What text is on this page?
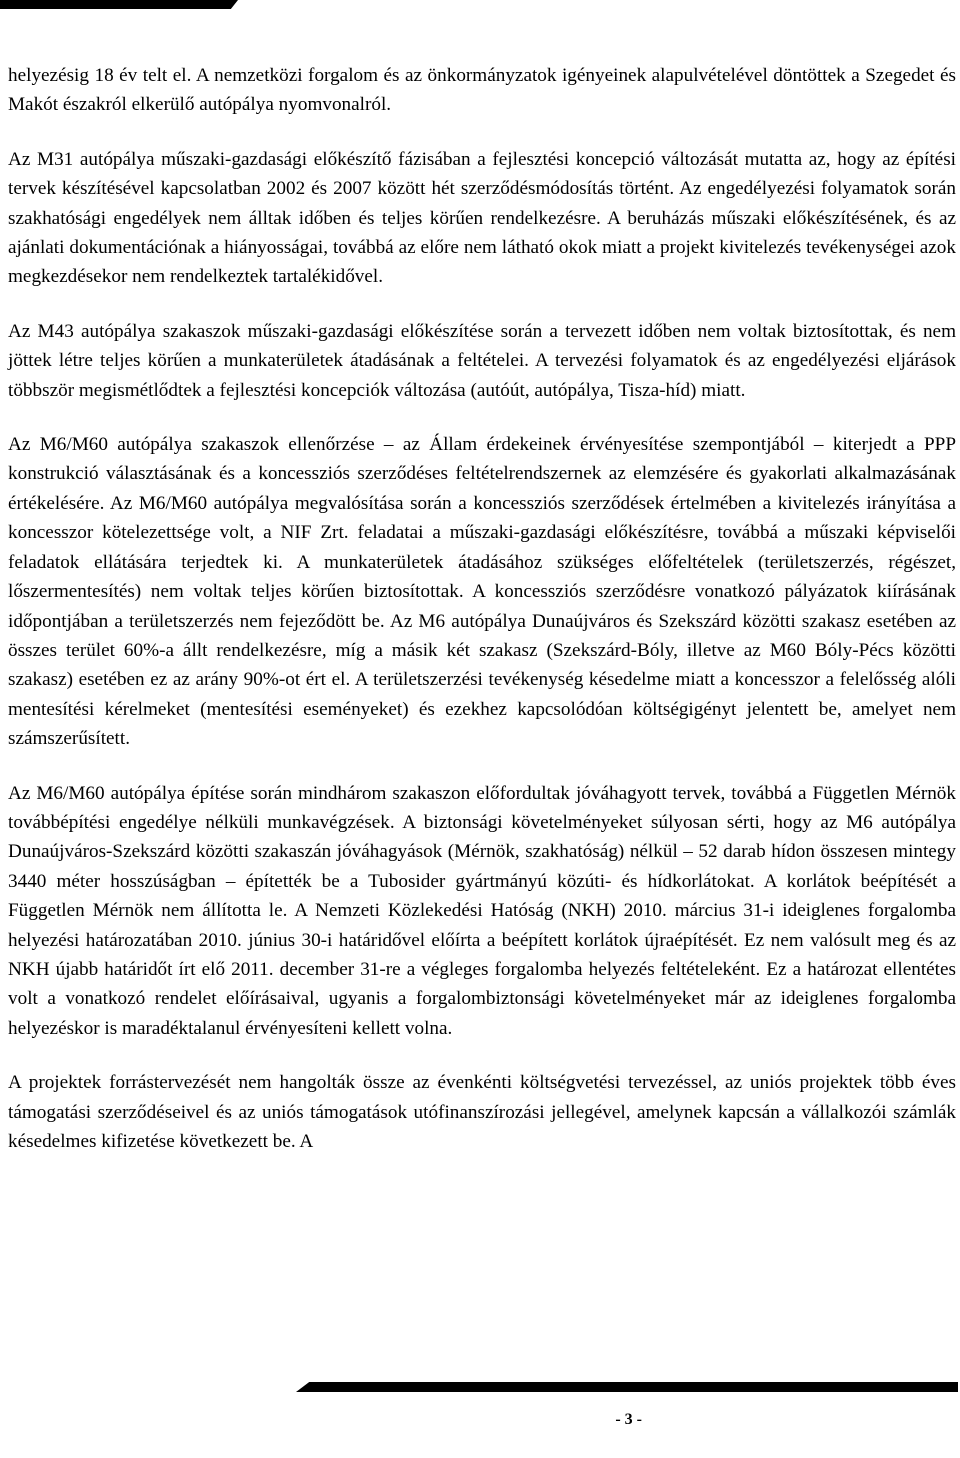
helyezésig 18 év telt el. A nemzetközi forgalom és az önkormányzatok igényeinek alapulvételével döntöttek a Szegedet és Makót északról elkerülő autópálya nyomvonalról.

Az M31 autópálya műszaki-gazdasági előkészítő fázisában a fejlesztési koncepció változását mutatta az, hogy az építési tervek készítésével kapcsolatban 2002 és 2007 között hét szerződésmódosítás történt. Az engedélyezési folyamatok során szakhatósági engedélyek nem álltak időben és teljes körűen rendelkezésre. A beruházás műszaki előkészítésének, és az ajánlati dokumentációnak a hiányosságai, továbbá az előre nem látható okok miatt a projekt kivitelezés tevékenységei azok megkezdésekor nem rendelkeztek tartalékidővel.

Az M43 autópálya szakaszok műszaki-gazdasági előkészítése során a tervezett időben nem voltak biztosítottak, és nem jöttek létre teljes körűen a munkaterületek átadásának a feltételei. A tervezési folyamatok és az engedélyezési eljárások többször megismétlődtek a fejlesztési koncepciók változása (autóút, autópálya, Tisza-híd) miatt.

Az M6/M60 autópálya szakaszok ellenőrzése – az Állam érdekeinek érvényesítése szempontjából – kiterjedt a PPP konstrukció választásának és a koncessziós szerződéses feltételrendszernek az elemzésére és gyakorlati alkalmazásának értékelésére. Az M6/M60 autópálya megvalósítása során a koncessziós szerződések értelmében a kivitelezés irányítása a koncesszor kötelezettsége volt, a NIF Zrt. feladatai a műszaki-gazdasági előkészítésre, továbbá a műszaki képviselői feladatok ellátására terjedtek ki. A munkaterületek átadásához szükséges előfeltételek (területszerzés, régészet, lőszermentesítés) nem voltak teljes körűen biztosítottak. A koncessziós szerződésre vonatkozó pályázatok kiírásának időpontjában a területszerzés nem fejeződött be. Az M6 autópálya Dunaújváros és Szekszárd közötti szakasz esetében az összes terület 60%-a állt rendelkezésre, míg a másik két szakasz (Szekszárd-Bóly, illetve az M60 Bóly-Pécs közötti szakasz) esetében ez az arány 90%-ot ért el. A területszerzési tevékenység késedelme miatt a koncesszor a felelősség alóli mentesítési kérelmeket (mentesítési eseményeket) és ezekhez kapcsolódóan költségigényt jelentett be, amelyet nem számszerűsített.

Az M6/M60 autópálya építése során mindhárom szakaszon előfordultak jóváhagyott tervek, továbbá a Független Mérnök továbbépítési engedélye nélküli munkavégzések. A biztonsági követelményeket súlyosan sérti, hogy az M6 autópálya Dunaújváros-Szekszárd közötti szakaszán jóváhagyások (Mérnök, szakhatóság) nélkül – 52 darab hídon összesen mintegy 3440 méter hosszúságban – építették be a Tubosider gyártmányú közúti- és hídkorlátokat. A korlátok beépítését a Független Mérnök nem állította le. A Nemzeti Közlekedési Hatóság (NKH) 2010. március 31-i ideiglenes forgalomba helyezési határozatában 2010. június 30-i határidővel előírta a beépített korlátok újraépítését. Ez nem valósult meg és az NKH újabb határidőt írt elő 2011. december 31-re a végleges forgalomba helyezés feltételeként. Ez a határozat ellentétes volt a vonatkozó rendelet előírásaival, ugyanis a forgalombiztonsági követelményeket már az ideiglenes forgalomba helyezéskor is maradéktalanul érvényesíteni kellett volna.

A projektek forrástervezését nem hangolták össze az évenkénti költségvetési tervezéssel, az uniós projektek több éves támogatási szerződéseivel és az uniós támogatások utófinanszírozási jellegével, amelynek kapcsán a vállalkozói számlák késedelmes kifizetése következett be. A

- 3 -
